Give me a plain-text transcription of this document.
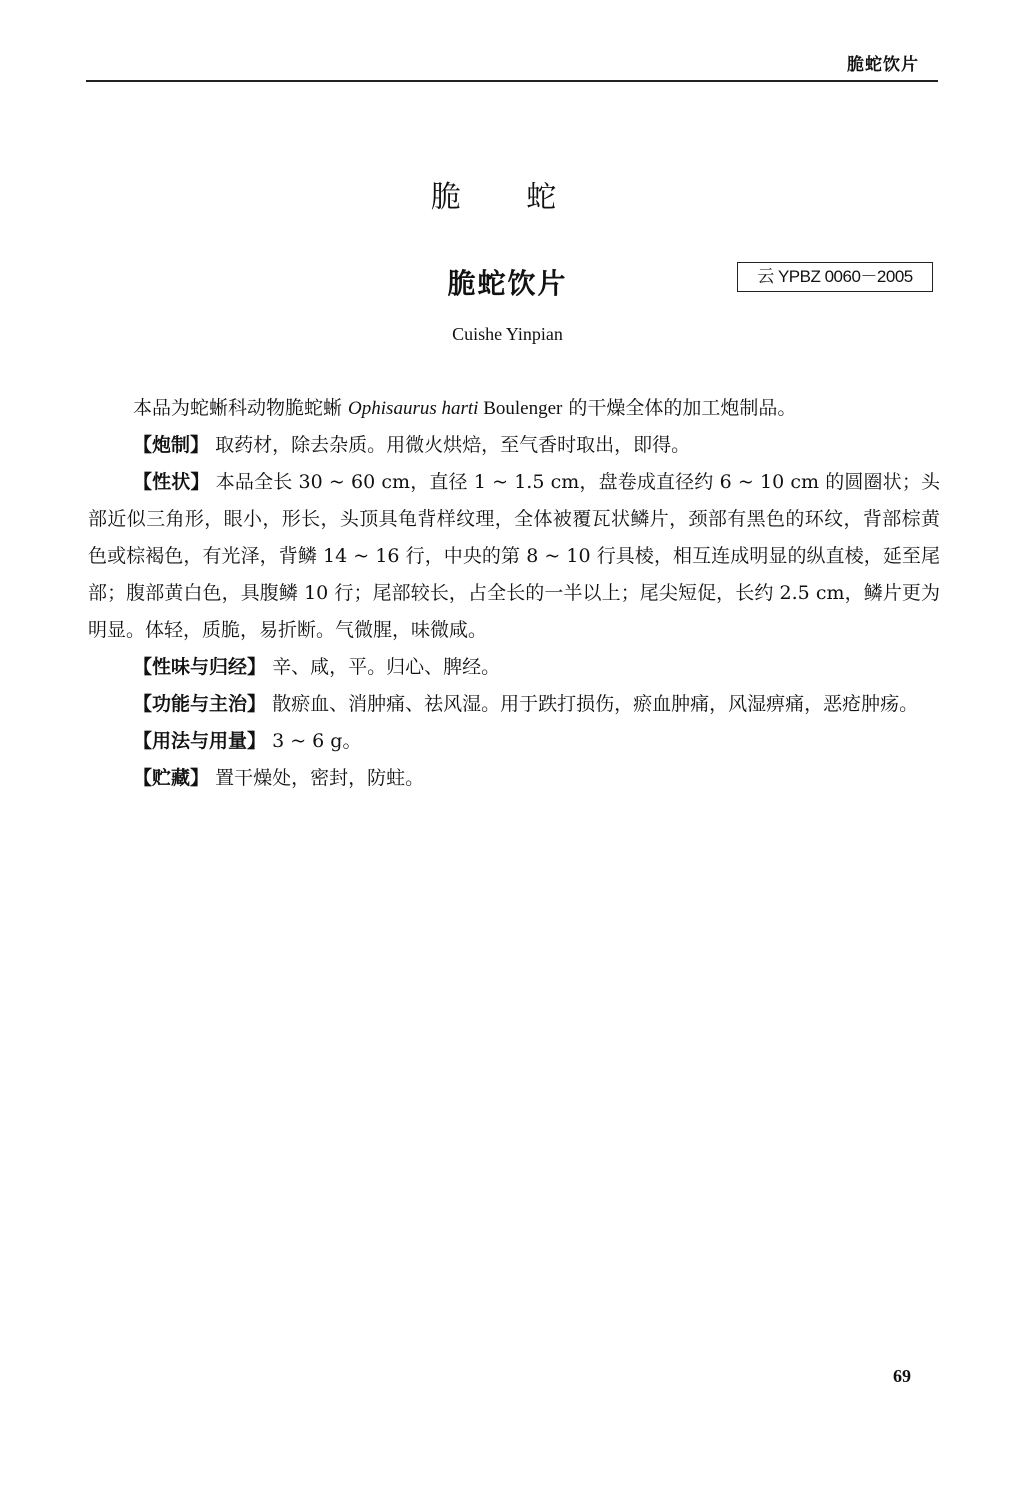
脆蛇饮片
脆 蛇
脆蛇饮片	云 YPBZ 0060－2005
Cuishe Yinpian

本品为蛇蜥科动物脆蛇蜥 Ophisaurus harti Boulenger 的干燥全体的加工炮制品。

【炮制】 取药材，除去杂质。用微火烘焙，至气香时取出，即得。

【性状】 本品全长 30 ~ 60 cm，直径 1 ~ 1.5 cm，盘卷成直径约 6 ~ 10 cm 的圆圈状；头部近似三角形，眼小，形长，头顶具龟背样纹理，全体被覆瓦状鳞片，颈部有黑色的环纹，背部棕黄色或棕褐色，有光泽，背鳞 14 ~ 16 行，中央的第 8 ~ 10 行具棱，相互连成明显的纵直棱，延至尾部；腹部黄白色，具腹鳞 10 行；尾部较长，占全长的一半以上；尾尖短促，长约 2.5 cm，鳞片更为明显。体轻，质脆，易折断。气微腥，味微咸。

【性味与归经】 辛、咸，平。归心、脾经。

【功能与主治】 散瘀血、消肿痛、祛风湿。用于跌打损伤，瘀血肿痛，风湿痹痛，恶疮肿疡。

【用法与用量】 3 ~ 6 g。

【贮藏】 置干燥处，密封，防蛀。

69
